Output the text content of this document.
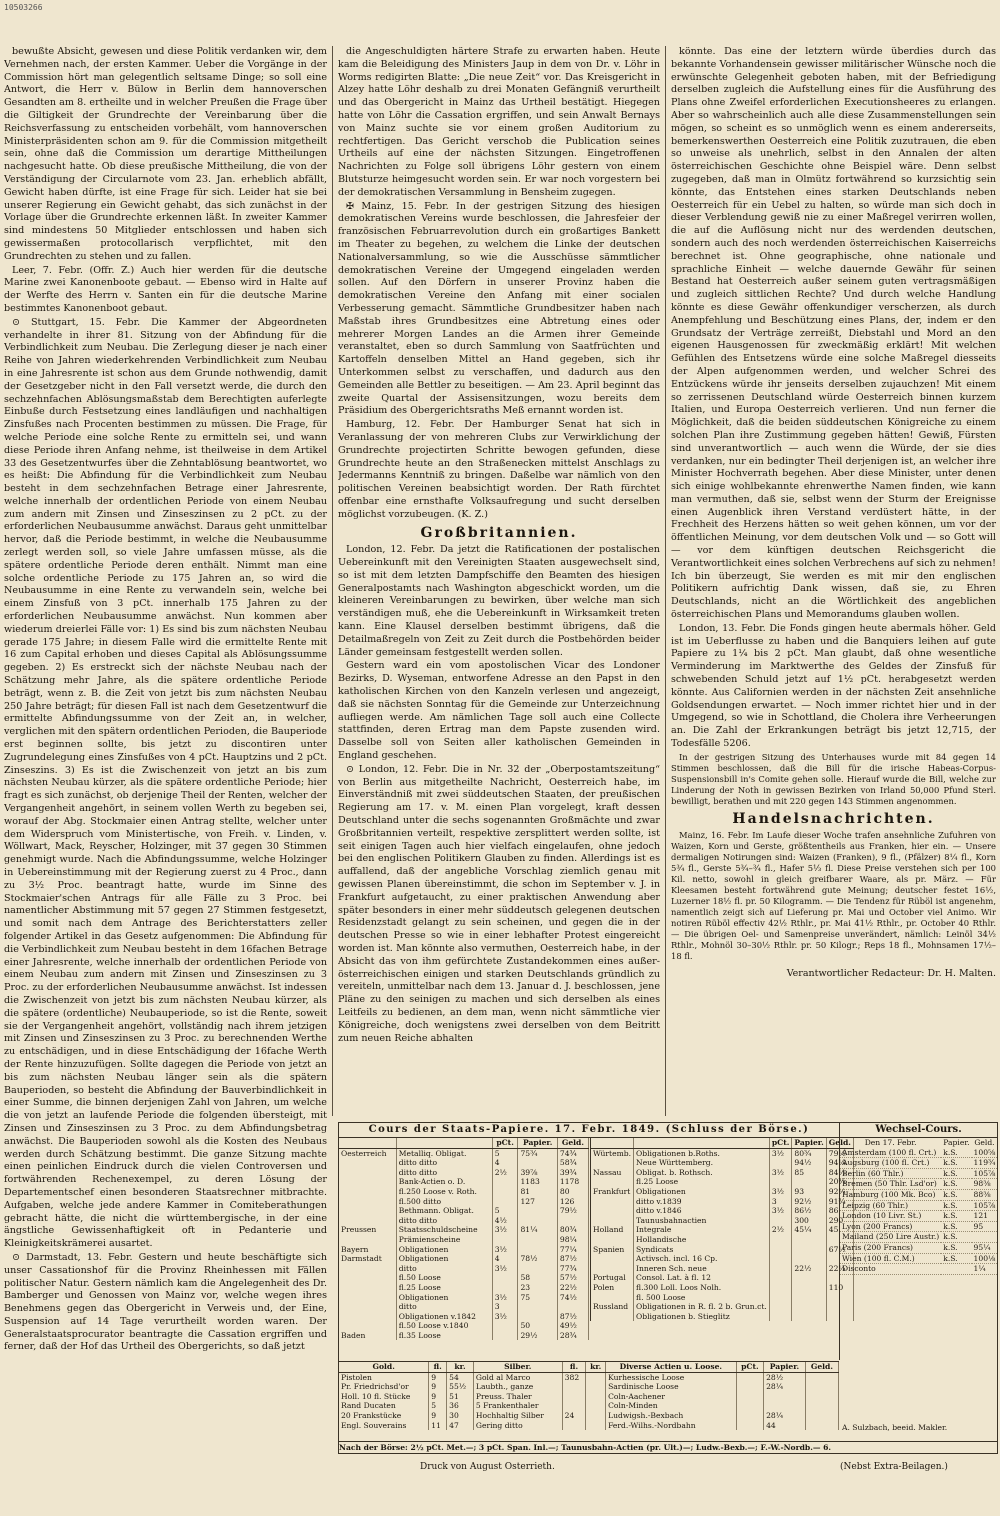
10503266

bewußte Absicht, gewesen und diese Politik verdanken wir, dem Vernehmen nach, der ersten Kammer. Ueber die Vorgänge in der Commission hört man gelegentlich seltsame Dinge; so soll eine Antwort, die Herr v. Bülow in Berlin dem hannoverschen Gesandten am 8. ertheilte und in welcher Preußen die Frage über die Giltigkeit der Grundrechte der Vereinbarung über die Reichsverfassung zu entscheiden vorbehält, vom hannoverschen Ministerpräsidenten schon am 9. für die Commission mitgetheilt sein, ohne daß die Commission um derartige Mittheilungen nachgesucht hatte. Ob diese preußische Mittheilung, die von der Verständigung der Circularnote vom 23. Jan. erheblich abfällt, Gewicht haben dürfte, ist eine Frage für sich. Leider hat sie bei unserer Regierung ein Gewicht gehabt, das sich zunächst in der Vorlage über die Grundrechte erkennen läßt. In zweiter Kammer sind mindestens 50 Mitglieder entschlossen und haben sich gewissermaßen protocollarisch verpflichtet, mit den Grundrechten zu stehen und zu fallen.

Leer, 7. Febr. (Offr. Z.) Auch hier werden für die deutsche Marine zwei Kanonenboote gebaut. — Ebenso wird in Halte auf der Werfte des Herrn v. Santen ein für die deutsche Marine bestimmtes Kanonenboot gebaut.

⊙ Stuttgart, 15. Febr. Die Kammer der Abgeordneten verhandelte in ihrer 81. Sitzung von der Abfindung für die Verbindlichkeit zum Neubau. Die Zerlegung dieser je nach einer Reihe von Jahren wiederkehrenden Verbindlichkeit zum Neubau in eine Jahresrente ist schon aus dem Grunde nothwendig, damit der Gesetzgeber nicht in den Fall versetzt werde, die durch den sechzehnfachen Ablösungsmaßstab dem Berechtigten auferlegte Einbuße durch Festsetzung eines landläufigen und nachhaltigen Zinsfußes nach Procenten bestimmen zu müssen. Die Frage, für welche Periode eine solche Rente zu ermitteln sei, und wann diese Periode ihren Anfang nehme, ist theilweise in dem Artikel 33 des Gesetzentwurfes über die Zehntablösung beantwortet, wo es heißt: Die Abfindung für die Verbindlichkeit zum Neubau besteht in dem sechzehnfachen Betrage einer Jahresrente, welche innerhalb der ordentlichen Periode von einem Neubau zum andern mit Zinsen und Zinseszinsen zu 2 pCt. zu der erforderlichen Neubausumme anwächst. Daraus geht unmittelbar hervor, daß die Periode bestimmt, in welche die Neubausumme zerlegt werden soll, so viele Jahre umfassen müsse, als die spätere ordentliche Periode deren enthält. Nimmt man eine solche ordentliche Periode zu 175 Jahren an, so wird die Neubausumme in eine Rente zu verwandeln sein, welche bei einem Zinsfuß von 3 pCt. innerhalb 175 Jahren zu der erforderlichen Neubausumme anwächst. Nun kommen aber wiederum dreierlei Fälle vor: 1) Es sind bis zum nächsten Neubau gerade 175 Jahre; in diesem Falle wird die ermittelte Rente mit 16 zum Capital erhoben und dieses Capital als Ablösungssumme gegeben. 2) Es erstreckt sich der nächste Neubau nach der Schätzung mehr Jahre, als die spätere ordentliche Periode beträgt, wenn z. B. die Zeit von jetzt bis zum nächsten Neubau 250 Jahre beträgt; für diesen Fall ist nach dem Gesetzentwurf die ermittelte Abfindungssumme von der Zeit an, in welcher, verglichen mit den spätern ordentlichen Perioden, die Bauperiode erst beginnen sollte, bis jetzt zu discontiren unter Zugrundelegung eines Zinsfußes von 4 pCt. Hauptzins und 2 pCt. Zinseszins. 3) Es ist die Zwischenzeit von jetzt an bis zum nächsten Neubau kürzer, als die spätere ordentliche Periode; hier fragt es sich zunächst, ob derjenige Theil der Renten, welcher der Vergangenheit angehört, in seinem vollen Werth zu begeben sei, worauf der Abg. Stockmaier einen Antrag stellte, welcher unter dem Widerspruch vom Ministertische, von Freih. v. Linden, v. Wöllwart, Mack, Reyscher, Holzinger, mit 37 gegen 30 Stimmen genehmigt wurde. Nach die Abfindungssumme, welche Holzinger in Uebereinstimmung mit der Regierung zuerst zu 4 Proc., dann zu 3½ Proc. beantragt hatte, wurde im Sinne des Stockmaier'schen Antrags für alle Fälle zu 3 Proc. bei namentlicher Abstimmung mit 57 gegen 27 Stimmen festgesetzt, und somit nach dem Antrage des Berichterstatters zeller folgender Artikel in das Gesetz aufgenommen: Die Abfindung für die Verbindlichkeit zum Neubau besteht in dem 16fachen Betrage einer Jahresrente, welche innerhalb der ordentlichen Periode von einem Neubau zum andern mit Zinsen und Zinseszinsen zu 3 Proc. zu der erforderlichen Neubausumme anwächst. Ist indessen die Zwischenzeit von jetzt bis zum nächsten Neubau kürzer, als die spätere (ordentliche) Neubauperiode, so ist die Rente, soweit sie der Vergangenheit angehört, vollständig nach ihrem jetzigen mit Zinsen und Zinseszinsen zu 3 Proc. zu berechnenden Werthe zu entschädigen, und in diese Entschädigung der 16fache Werth der Rente hinzuzufügen. Sollte dagegen die Periode von jetzt an bis zum nächsten Neubau länger sein als die spätern Bauperioden, so besteht die Abfindung der Bauverbindlichkeit in einer Summe, die binnen derjenigen Zahl von Jahren, um welche die von jetzt an laufende Periode die folgenden übersteigt, mit Zinsen und Zinseszinsen zu 3 Proc. zu dem Abfindungsbetrag anwächst. Die Bauperioden sowohl als die Kosten des Neubaus werden durch Schätzung bestimmt. Die ganze Sitzung machte einen peinlichen Eindruck durch die vielen Controversen und fortwährenden Rechenexempel, zu deren Lösung der Departementschef einen besonderen Staatsrechner mitbrachte. Aufgaben, welche jede andere Kammer in Comiteberathungen gebracht hätte, die nicht die württembergische, in der eine ängstliche Gewissenhaftigkeit oft in Pedanterie und Kleinigkeitskrämerei ausartet.

⊙ Darmstadt, 13. Febr. Gestern und heute beschäftigte sich unser Cassationshof für die Provinz Rheinhessen mit Fällen politischer Natur. Gestern nämlich kam die Angelegenheit des Dr. Bamberger und Genossen von Mainz vor, welche wegen ihres Benehmens gegen das Obergericht in Verweis und, der Eine, Suspension auf 14 Tage verurtheilt worden waren. Der Generalstaatsprocurator beantragte die Cassation ergriffen und ferner, daß der Hof das Urtheil des Obergerichts, so daß jetzt

die Angeschuldigten härtere Strafe zu erwarten haben. Heute kam die Beleidigung des Ministers Jaup in dem von Dr. v. Löhr in Worms redigirten Blatte: „Die neue Zeit“ vor. Das Kreisgericht in Alzey hatte Löhr deshalb zu drei Monaten Gefängniß verurtheilt und das Obergericht in Mainz das Urtheil bestätigt. Hiegegen hatte von Löhr die Cassation ergriffen, und sein Anwalt Bernays von Mainz suchte sie vor einem großen Auditorium zu rechtfertigen. Das Gericht verschob die Publication seines Urtheils auf eine der nächsten Sitzungen. Eingetroffenen Nachrichten zu Folge soll übrigens Löhr gestern von einem Blutsturze heimgesucht worden sein. Er war noch vorgestern bei der demokratischen Versammlung in Bensheim zugegen.

✠ Mainz, 15. Febr. In der gestrigen Sitzung des hiesigen demokratischen Vereins wurde beschlossen, die Jahresfeier der französischen Februarrevolution durch ein großartiges Bankett im Theater zu begehen, zu welchem die Linke der deutschen Nationalversammlung, so wie die Ausschüsse sämmtlicher demokratischen Vereine der Umgegend eingeladen werden sollen. Auf den Dörfern in unserer Provinz haben die demokratischen Vereine den Anfang mit einer socialen Verbesserung gemacht. Sämmtliche Grundbesitzer haben nach Maßstab ihres Grundbesitzes eine Abtretung eines oder mehrerer Morgen Landes an die Armen ihrer Gemeinde veranstaltet, eben so durch Sammlung von Saatfrüchten und Kartoffeln denselben Mittel an Hand gegeben, sich ihr Unterkommen selbst zu verschaffen, und dadurch aus den Gemeinden alle Bettler zu beseitigen. — Am 23. April beginnt das zweite Quartal der Assisensitzungen, wozu bereits dem Präsidium des Obergerichtsraths Meß ernannt worden ist.

Hamburg, 12. Febr. Der Hamburger Senat hat sich in Veranlassung der von mehreren Clubs zur Verwirklichung der Grundrechte projectirten Schritte bewogen gefunden, diese Grundrechte heute an den Straßenecken mittelst Anschlags zu Jedermanns Kenntniß zu bringen. Daßelbe war nämlich von den politischen Vereinen beabsichtigt worden. Der Rath fürchtet offenbar eine ernsthafte Volksaufregung und sucht derselben möglichst vorzubeugen. (K. Z.)

Großbritannien.

London, 12. Febr. Da jetzt die Ratificationen der postalischen Uebereinkunft mit den Vereinigten Staaten ausgewechselt sind, so ist mit dem letzten Dampfschiffe den Beamten des hiesigen Generalpostamts nach Washington abgeschickt worden, um die kleineren Vereinbarungen zu bewirken, über welche man sich verständigen muß, ehe die Uebereinkunft in Wirksamkeit treten kann. Eine Klausel derselben bestimmt übrigens, daß die Detailmaßregeln von Zeit zu Zeit durch die Postbehörden beider Länder gemeinsam festgestellt werden sollen.

Gestern ward ein vom apostolischen Vicar des Londoner Bezirks, D. Wyseman, entworfene Adresse an den Papst in den katholischen Kirchen von den Kanzeln verlesen und angezeigt, daß sie nächsten Sonntag für die Gemeinde zur Unterzeichnung aufliegen werde. Am nämlichen Tage soll auch eine Collecte stattfinden, deren Ertrag man dem Papste zusenden wird. Dasselbe soll von Seiten aller katholischen Gemeinden in England geschehen.

⊙ London, 12. Febr. Die in Nr. 32 der „Oberpostamtszeitung“ von Berlin aus mitgetheilte Nachricht, Oesterreich habe, im Einverständniß mit zwei süddeutschen Staaten, der preußischen Regierung am 17. v. M. einen Plan vorgelegt, kraft dessen Deutschland unter die sechs sogenannten Großmächte und zwar Großbritannien verteilt, respektive zersplittert werden sollte, ist seit einigen Tagen auch hier vielfach eingelaufen, ohne jedoch bei den englischen Politikern Glauben zu finden. Allerdings ist es auffallend, daß der angebliche Vorschlag ziemlich genau mit gewissen Planen übereinstimmt, die schon im September v. J. in Frankfurt aufgetaucht, zu einer praktischen Anwendung aber später besonders in einer mehr süddeutsch gelegenen deutschen Residenzstadt gelangt zu sein scheinen, und gegen die in der deutschen Presse so wie in einer lebhafter Protest eingereicht worden ist. Man könnte also vermuthen, Oesterreich habe, in der Absicht das von ihm gefürchtete Zustandekommen eines außer-österreichischen einigen und starken Deutschlands gründlich zu vereiteln, unmittelbar nach dem 13. Januar d. J. beschlossen, jene Pläne zu den seinigen zu machen und sich derselben als eines Leitfeils zu bedienen, an dem man, wenn nicht sämmtliche vier Königreiche, doch wenigstens zwei derselben von dem Beitritt zum neuen Reiche abhalten

könnte. Das eine der letztern würde überdies durch das bekannte Vorhandensein gewisser militärischer Wünsche noch die erwünschte Gelegenheit geboten haben, mit der Befriedigung derselben zugleich die Aufstellung eines für die Ausführung des Plans ohne Zweifel erforderlichen Executionsheeres zu erlangen. Aber so wahrscheinlich auch alle diese Zusammenstellungen sein mögen, so scheint es so unmöglich wenn es einem andererseits, bemerkenswerthen Oesterreich eine Politik zuzutrauen, die eben so unweise als unehrlich, selbst in den Annalen der alten österreichischen Geschichte ohne Beispiel wäre. Denn selbst zugegeben, daß man in Olmütz fortwährend so kurzsichtig sein könnte, das Entstehen eines starken Deutschlands neben Oesterreich für ein Uebel zu halten, so würde man sich doch in dieser Verblendung gewiß nie zu einer Maßregel verirren wollen, die auf die Auflösung nicht nur des werdenden deutschen, sondern auch des noch werdenden österreichischen Kaiserreichs berechnet ist. Ohne geographische, ohne nationale und sprachliche Einheit — welche dauernde Gewähr für seinen Bestand hat Oesterreich außer seinem guten vertragsmäßigen und zugleich sittlichen Rechte? Und durch welche Handlung könnte es diese Gewähr offenkundiger verscherzen, als durch Anempfehlung und Beschützung eines Plans, der, indem er den Grundsatz der Verträge zerreißt, Diebstahl und Mord an den eigenen Hausgenossen für zweckmäßig erklärt! Mit welchen Gefühlen des Entsetzens würde eine solche Maßregel diesseits der Alpen aufgenommen werden, und welcher Schrei des Entzückens würde ihr jenseits derselben zujauchzen! Mit einem so zerrissenen Deutschland würde Oesterreich binnen kurzem Italien, und Europa Oesterreich verlieren. Und nun ferner die Möglichkeit, daß die beiden süddeutschen Königreiche zu einem solchen Plan ihre Zustimmung gegeben hätten! Gewiß, Fürsten sind unverantwortlich — auch wenn die Würde, der sie dies verdanken, nur ein bedingter Theil derjenigen ist, an welcher ihre Minister Hochverrath begehen. Aber diese Minister, unter denen sich einige wohlbekannte ehrenwerthe Namen finden, wie kann man vermuthen, daß sie, selbst wenn der Sturm der Ereignisse einen Augenblick ihren Verstand verdüstert hätte, in der Frechheit des Herzens hätten so weit gehen können, um vor der öffentlichen Meinung, vor dem deutschen Volk und — so Gott will — vor dem künftigen deutschen Reichsgericht die Verantwortlichkeit eines solchen Verbrechens auf sich zu nehmen! Ich bin überzeugt, Sie werden es mit mir den englischen Politikern aufrichtig Dank wissen, daß sie, zu Ehren Deutschlands, nicht an die Wörtlichkeit des angeblichen österreichischen Plans und Memorandums glauben wollen.

London, 13. Febr. Die Fonds gingen heute abermals höher. Geld ist im Ueberflusse zu haben und die Banquiers leihen auf gute Papiere zu 1¼ bis 2 pCt. Man glaubt, daß ohne wesentliche Verminderung im Marktwerthe des Geldes der Zinsfuß für schwebenden Schuld jetzt auf 1½ pCt. herabgesetzt werden könnte. Aus Californien werden in der nächsten Zeit ansehnliche Goldsendungen erwartet. — Noch immer richtet hier und in der Umgegend, so wie in Schottland, die Cholera ihre Verheerungen an. Die Zahl der Erkrankungen beträgt bis jetzt 12,715, der Todesfälle 5206.

In der gestrigen Sitzung des Unterhauses wurde mit 84 gegen 14 Stimmen beschlossen, daß die Bill für die irische Habeas-Corpus-Suspensionsbill in's Comite gehen solle. Hierauf wurde die Bill, welche zur Linderung der Noth in gewissen Bezirken von Irland 50,000 Pfund Sterl. bewilligt, berathen und mit 220 gegen 143 Stimmen angenommen.

Handelsnachrichten.

Mainz, 16. Febr. Im Laufe dieser Woche trafen ansehnliche Zufuhren von Waizen, Korn und Gerste, größtentheils aus Franken, hier ein. — Unsere dermaligen Notirungen sind: Waizen (Franken), 9 fl., (Pfälzer) 8¼ fl., Korn 5¾ fl., Gerste 5¾–¾ fl., Hafer 5⅓ fl. Diese Preise verstehen sich per 100 Kil. netto, sowohl in gleich greifbarer Waare, als pr. März. — Für Kleesamen besteht fortwährend gute Meinung; deutscher festet 16½, Luzerner 18½ fl. pr. 50 Kilogramm. — Die Tendenz für Rüböl ist angenehm, namentlich zeigt sich auf Lieferung pr. Mai und October viel Animo. Wir notiren Rüböl effectiv 42½ Rthlr., pr. Mai 41½ Rthlr., pr. October 40 Rthlr. — Die übrigen Oel- und Samenpreise unverändert, nämlich: Leinöl 34½ Rthlr., Mohnöl 30–30½ Rthlr. pr. 50 Kilogr.; Reps 18 fl., Mohnsamen 17½–18 fl.

Verantwortlicher Redacteur: Dr. H. Malten.

Cours der Staats-Papiere. 17. Febr. 1849. (Schluss der Börse.)
		pCt.	Papier.	Geld.
Oesterreich	Metalliq. Obligat.	5	75¾	74¾
	ditto ditto	4		58¾
	ditto ditto	2½	39⅞	39¾
	Bank-Actien o. D.		1183	1178
	fl.250 Loose v. Roth.		81	80
	fl.500 ditto		127	126
	Bethmann. Obligat.	5		79½
	ditto ditto	4½		
Preussen	Staatsschuldscheine	3½	81¼	80¾
	Prämienscheine			98¼
Bayern	Obligationen	3½		77¼
Darmstadt	Obligationen	4	78½	87½
	ditto	3½		77¾
	fl.50 Loose		58	57½
	fl.25 Loose		23	22½
	Obligationen	3½	75	74½
	ditto	3		
	Obligationen v.1842	3½		87½
	fl.50 Loose v.1840		50	49½
Baden	fl.35 Loose		29½	28¾
		pCt.	Papier.	Geld.
Würtemb.	Obligationen b.Roths.	3½	80¾	79½
	Neue Württemberg.		94½	94¼
Nassau	Obligat. b. Rothsch.	3½	85	84½
	fl.25 Loose			20¾
Frankfurt	Obligationen	3½	93	92¼
	ditto v.1839	3	92½	91¾
	ditto v.1846	3½	86½	86
	Taunusbahnactien		300	290
Holland	Integrale	2½	45¼	45
	Hollandische			
Spanien	Syndicats			67½
	Activsch. incl. 16 Cp.			
	Inneren Sch. neue		22½	22¼
Portugal	Consol. Lat. à fl. 12			
Polen	fl.300 Loll. Loos Nolh.			110
	fl. 500 Loose			
Russland	Obligationen in R. fl. 2 b. Grun.ct.			
	Obligationen b. Stieglitz			
Gold.	fl.	kr.	Silber.	fl.	kr.	Diverse Actien u. Loose.	pCt.	Papier.	Geld.
Pistolen	9	54	Gold al Marco	382		Kurhessische Loose		28½	
Pr. Friedrichsd'or	9	55½	Laubth., ganze			Sardinische Loose		28¼	
Holl. 10 fl. Stücke	9	51	Preuss. Thaler			Coln-Aachener			
Rand Ducaten	5	36	5 Frankenthaler			Coln-Minden			
20 Frankstücke	9	30	Hochhaltig Silber	24		Ludwigsh.-Bexbach		28¼	
Engl. Souverains	11	47	Gering ditto			Ferd.-Wilhs.-Nordbahn		44	
Wechsel-Cours.
Den 17. Febr.	Papier.	Geld.
Amsterdam (100 fl. Crt.)	k.S.	100⅝
Augsburg (100 fl. Crt.)	k.S.	119¾
Berlin (60 Thlr.)	k.S.	105⅞
Bremen (50 Thlr. Lsd'or)	k.S.	98⅜
Hamburg (100 Mk. Bco)	k.S.	88⅜
Leipzig (60 Thlr.)	k.S.	105⅞
London (10 Livr. St.)	k.S.	121
Lyon (200 Francs)	k.S.	95
Mailand (250 Lire Austr.)	k.S.	
Paris (200 Francs)	k.S.	95¼
Wien (100 fl. C.M.)	k.S.	100⅛
Disconto		1¼
A. Sulzbach, beeid. Makler.
Nach der Börse: 2½ pCt. Met.—; 3 pCt. Span. Inl.—; Taunusbahn-Actien (pr. Ult.)—; Ludw.-Bexb.—; F.-W.-Nordb.— 6.
Druck von August Osterrieth.	(Nebst Extra-Beilagen.)
